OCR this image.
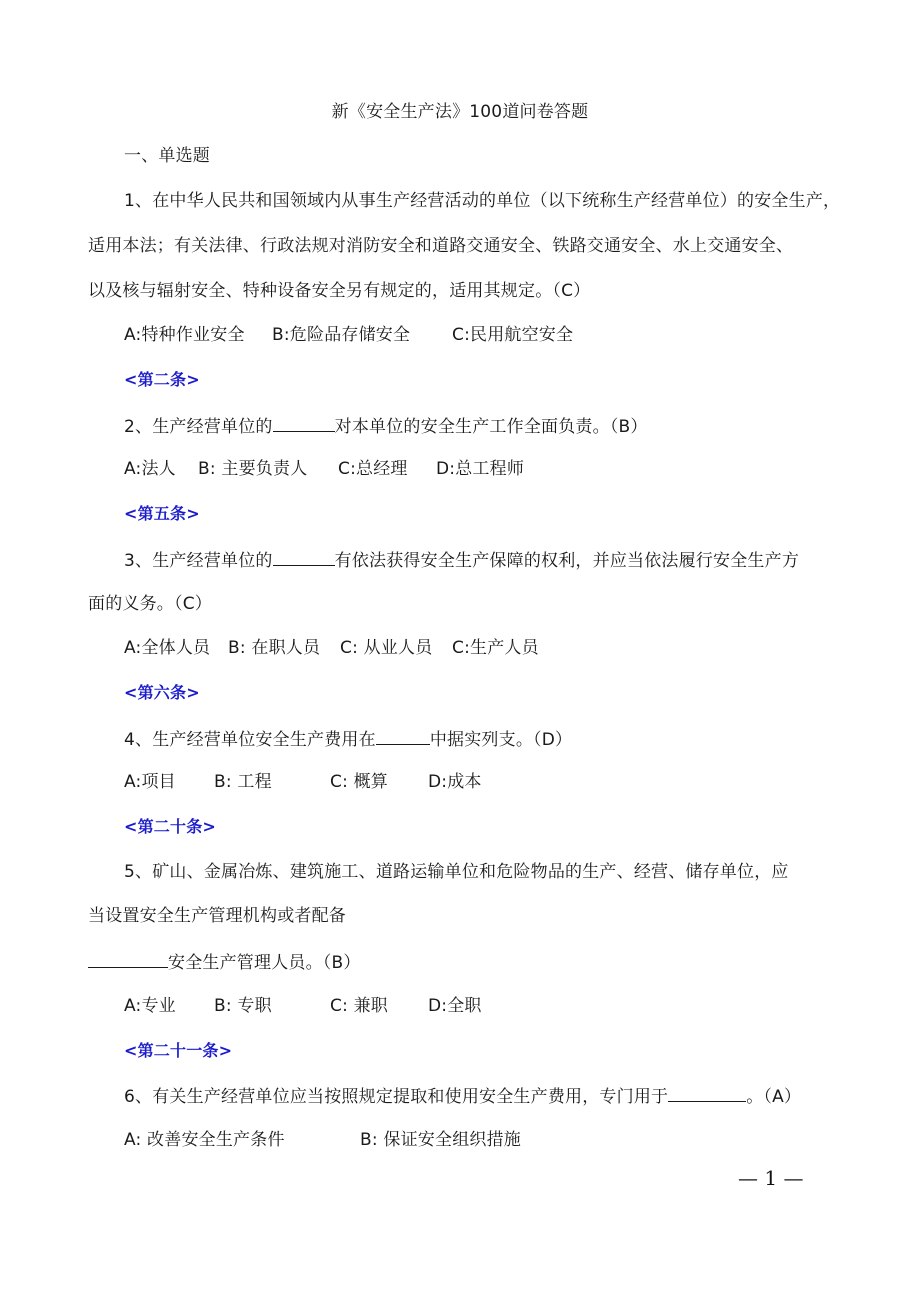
新《安全生产法》100道问卷答题
一、单选题
1、在中华人民共和国领域内从事生产经营活动的单位（以下统称生产经营单位）的安全生产，
适用本法；有关法律、行政法规对消防安全和道路交通安全、铁路交通安全、水上交通安全、
以及核与辐射安全、特种设备安全另有规定的，适用其规定。（C）
A:特种作业安全 B:危险品存储安全 C:民用航空安全
<第二条>
2、生产经营单位的	对本单位的安全生产工作全面负责。（B）
A:法人 B: 主要负责人 C:总经理 D:总工程师
<第五条>
3、生产经营单位的	有依法获得安全生产保障的权利，并应当依法履行安全生产方
面的义务。（C）
A:全体人员 B: 在职人员 C: 从业人员 C:生产人员
<第六条>
4、生产经营单位安全生产费用在	中据实列支。（D）
A:项目 B: 工程	C: 概算 D:成本
<第二十条>
5、矿山、金属冶炼、建筑施工、道路运输单位和危险物品的生产、经营、储存单位，应
当设置安全生产管理机构或者配备
安全生产管理人员。（B）
A:专业 B: 专职	C: 兼职 D:全职
<第二十一条>
6、有关生产经营单位应当按照规定提取和使用安全生产费用，专门用于	。（A）
A: 改善安全生产条件	B: 保证安全组织措施
— 1 —
